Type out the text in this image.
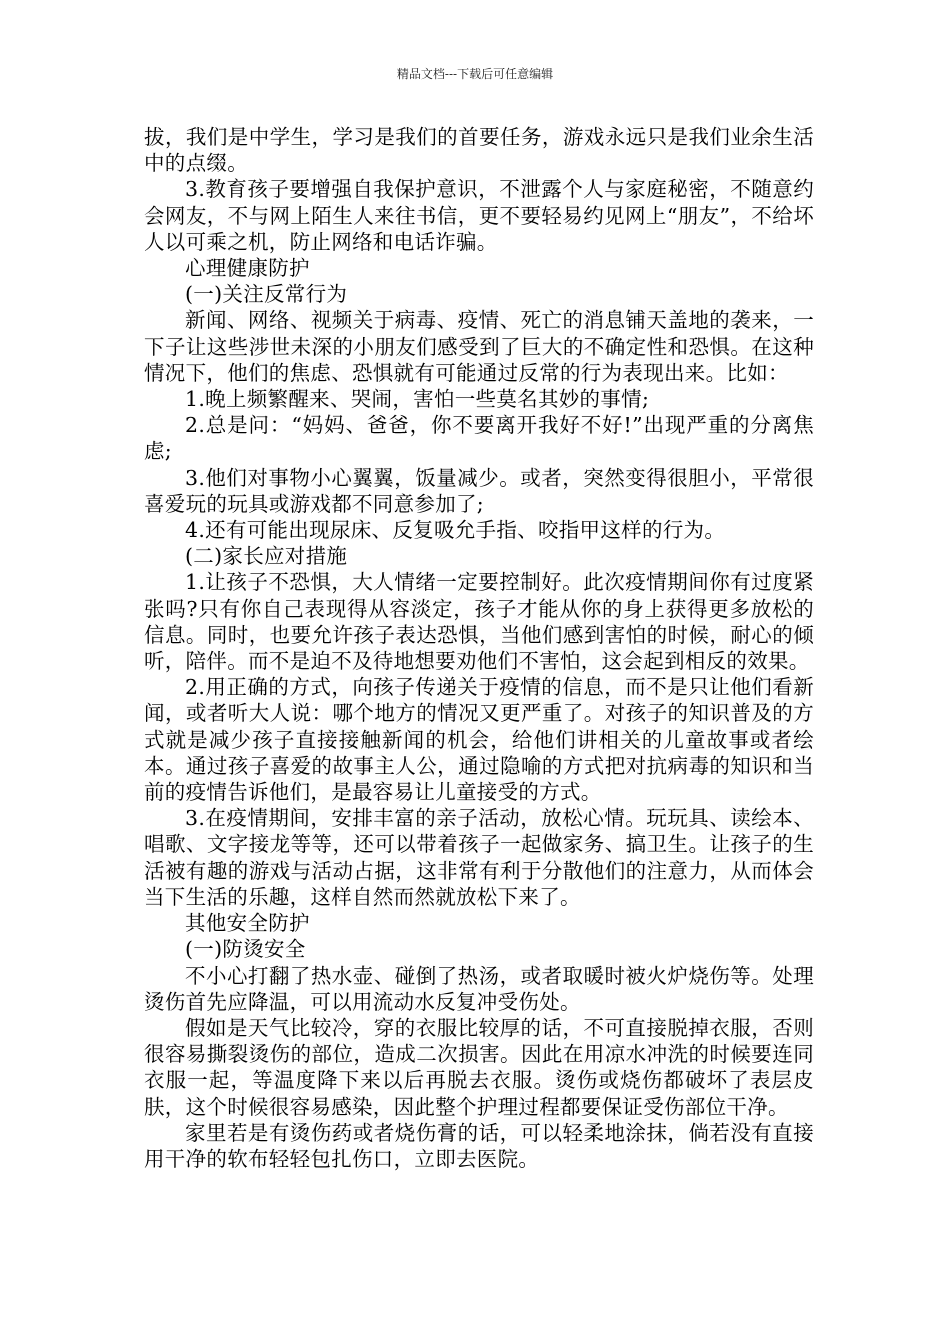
精品文档---下载后可任意编辑

拔，我们是中学生，学习是我们的首要任务，游戏永远只是我们业余生活中的点缀。

3.教育孩子要增强自我保护意识，不泄露个人与家庭秘密，不随意约会网友，不与网上陌生人来往书信，更不要轻易约见网上“朋友”，不给坏人以可乘之机，防止网络和电话诈骗。

心理健康防护

(一)关注反常行为

新闻、网络、视频关于病毒、疫情、死亡的消息铺天盖地的袭来，一下子让这些涉世未深的小朋友们感受到了巨大的不确定性和恐惧。在这种情况下，他们的焦虑、恐惧就有可能通过反常的行为表现出来。比如：

1.晚上频繁醒来、哭闹，害怕一些莫名其妙的事情;

2.总是问：“妈妈、爸爸，你不要离开我好不好!”出现严重的分离焦虑;

3.他们对事物小心翼翼，饭量减少。或者，突然变得很胆小，平常很喜爱玩的玩具或游戏都不同意参加了;

4.还有可能出现尿床、反复吸允手指、咬指甲这样的行为。

(二)家长应对措施

1.让孩子不恐惧，大人情绪一定要控制好。此次疫情期间你有过度紧张吗?只有你自己表现得从容淡定，孩子才能从你的身上获得更多放松的信息。同时，也要允许孩子表达恐惧，当他们感到害怕的时候，耐心的倾听，陪伴。而不是迫不及待地想要劝他们不害怕，这会起到相反的效果。

2.用正确的方式，向孩子传递关于疫情的信息，而不是只让他们看新闻，或者听大人说：哪个地方的情况又更严重了。对孩子的知识普及的方式就是减少孩子直接接触新闻的机会，给他们讲相关的儿童故事或者绘本。通过孩子喜爱的故事主人公，通过隐喻的方式把对抗病毒的知识和当前的疫情告诉他们，是最容易让儿童接受的方式。

3.在疫情期间，安排丰富的亲子活动，放松心情。玩玩具、读绘本、唱歌、文字接龙等等，还可以带着孩子一起做家务、搞卫生。让孩子的生活被有趣的游戏与活动占据，这非常有利于分散他们的注意力，从而体会当下生活的乐趣，这样自然而然就放松下来了。

其他安全防护

(一)防烫安全

不小心打翻了热水壶、碰倒了热汤，或者取暖时被火炉烧伤等。处理烫伤首先应降温，可以用流动水反复冲受伤处。

假如是天气比较冷，穿的衣服比较厚的话，不可直接脱掉衣服，否则很容易撕裂烫伤的部位，造成二次损害。因此在用凉水冲洗的时候要连同衣服一起，等温度降下来以后再脱去衣服。烫伤或烧伤都破坏了表层皮肤，这个时候很容易感染，因此整个护理过程都要保证受伤部位干净。

家里若是有烫伤药或者烧伤膏的话，可以轻柔地涂抹，倘若没有直接用干净的软布轻轻包扎伤口，立即去医院。
